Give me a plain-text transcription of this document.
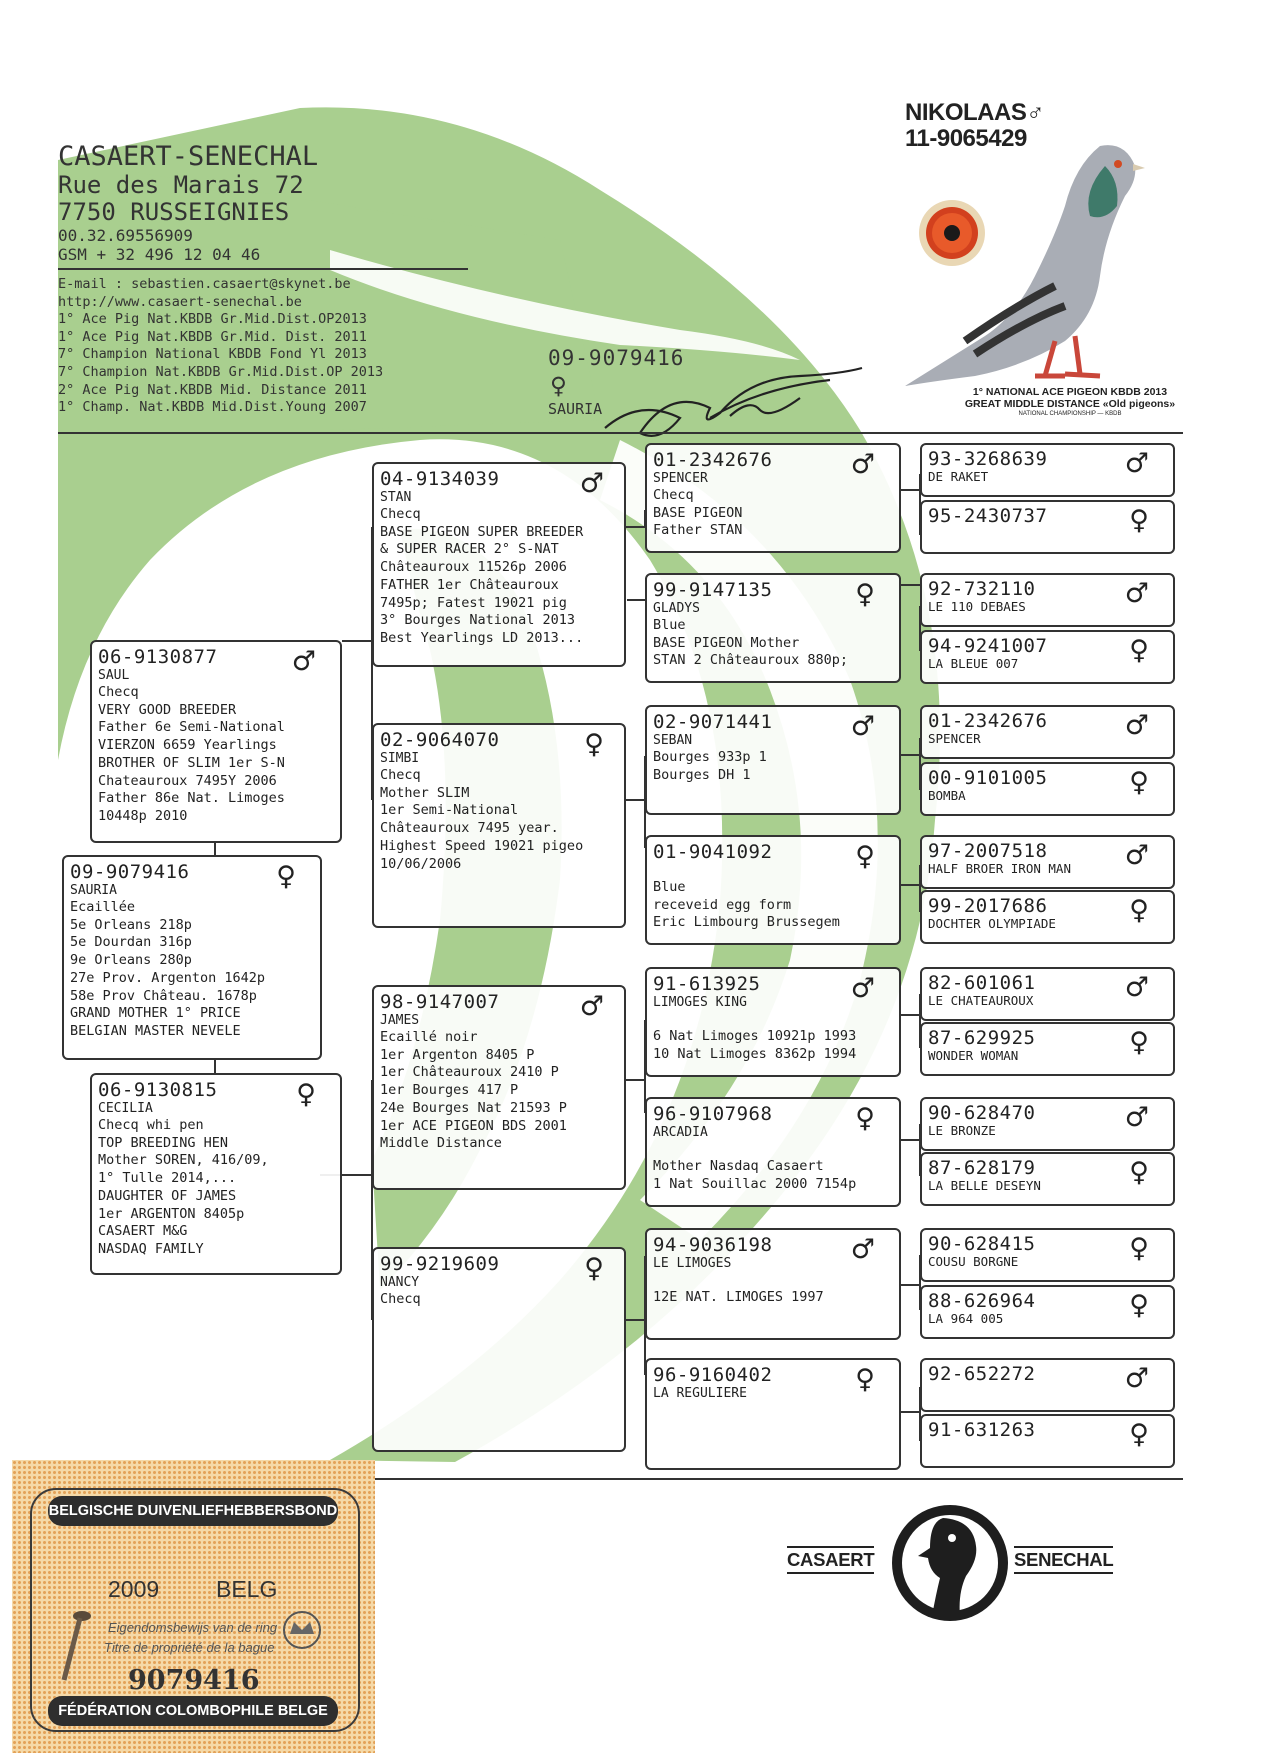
CASAERT-SENECHAL
Rue des Marais 72
7750 RUSSEIGNIES
00.32.69556909
GSM + 32 496 12 04 46
E-mail : sebastien.casaert@skynet.be
http://www.casaert-senechal.be
1° Ace Pig Nat.KBDB Gr.Mid.Dist.OP2013
1° Ace Pig Nat.KBDB Gr.Mid. Dist. 2011
7° Champion National KBDB Fond Yl 2013
7° Champion Nat.KBDB Gr.Mid.Dist.OP 2013
2° Ace Pig Nat.KBDB Mid. Distance 2011
1° Champ. Nat.KBDB Mid.Dist.Young 2007
09-9079416
♀
SAURIA
NIKOLAAS♂
11-9065429
1° NATIONAL ACE PIGEON KBDB 2013
GREAT MIDDLE DISTANCE «Old pigeons»
NATIONAL CHAMPIONSHIP — KBDB
06-9130877	♂
SAUL
Checq
VERY GOOD BREEDER
Father 6e Semi-National
VIERZON 6659 Yearlings
BROTHER OF SLIM 1er S-N
Chateauroux 7495Y 2006
Father 86e Nat. Limoges
10448p 2010
09-9079416	♀
SAURIA
Ecaillée
5e Orleans 218p
5e Dourdan 316p
9e Orleans 280p
27e Prov. Argenton 1642p
58e Prov Château. 1678p
GRAND MOTHER 1° PRICE
BELGIAN MASTER NEVELE
06-9130815	♀
CECILIA
Checq whi pen
TOP BREEDING HEN
Mother SOREN, 416/09,
1° Tulle 2014,...
DAUGHTER OF JAMES
1er ARGENTON 8405p
CASAERT M&G
NASDAQ FAMILY
04-9134039	♂
STAN
Checq
BASE PIGEON SUPER BREEDER
& SUPER RACER 2° S-NAT
Châteauroux 11526p 2006
FATHER 1er Châteauroux
7495p; Fatest 19021 pig
3° Bourges National 2013
Best Yearlings LD 2013...
02-9064070	♀
SIMBI
Checq
Mother SLIM
1er Semi-National
Châteauroux 7495 year.
Highest Speed 19021 pigeo
10/06/2006
98-9147007	♂
JAMES
Ecaillé noir
1er Argenton 8405 P
1er Châteauroux 2410 P
1er Bourges 417 P
24e Bourges Nat 21593 P
1er ACE PIGEON BDS 2001
Middle Distance
99-9219609	♀
NANCY
Checq
01-2342676	♂
SPENCER
Checq
BASE PIGEON
Father STAN
99-9147135	♀
GLADYS
Blue
BASE PIGEON Mother
STAN 2 Châteauroux 880p;
02-9071441	♂
SEBAN
Bourges 933p 1
Bourges DH 1
01-9041092	♀
Blue
receveid egg form
Eric Limbourg Brussegem
91-613925	♂
LIMOGES KING
6 Nat Limoges 10921p 1993
10 Nat Limoges 8362p 1994
96-9107968	♀
ARCADIA
Mother Nasdaq Casaert
1 Nat Souillac 2000 7154p
94-9036198	♂
LE LIMOGES
12E NAT. LIMOGES 1997
96-9160402	♀
LA REGULIERE
93-3268639	♂
DE RAKET
95-2430737	♀
92-732110	♂
LE 110 DEBAES
94-9241007	♀
LA BLEUE 007
01-2342676	♂
SPENCER
00-9101005	♀
BOMBA
97-2007518	♂
HALF BROER IRON MAN
99-2017686	♀
DOCHTER OLYMPIADE
82-601061	♂
LE CHATEAUROUX
87-629925	♀
WONDER WOMAN
90-628470	♂
LE BRONZE
87-628179	♀
LA BELLE DESEYN
90-628415	♀
COUSU BORGNE
88-626964	♀
LA 964 005
92-652272	♂
91-631263	♀
BELGISCHE DUIVENLIEFHEBBERSBOND
2009 BELG
Eigendomsbewijs van de ring
Titre de propriété de la bague
9079416
FÉDÉRATION COLOMBOPHILE BELGE
CASAERT	SENECHAL
